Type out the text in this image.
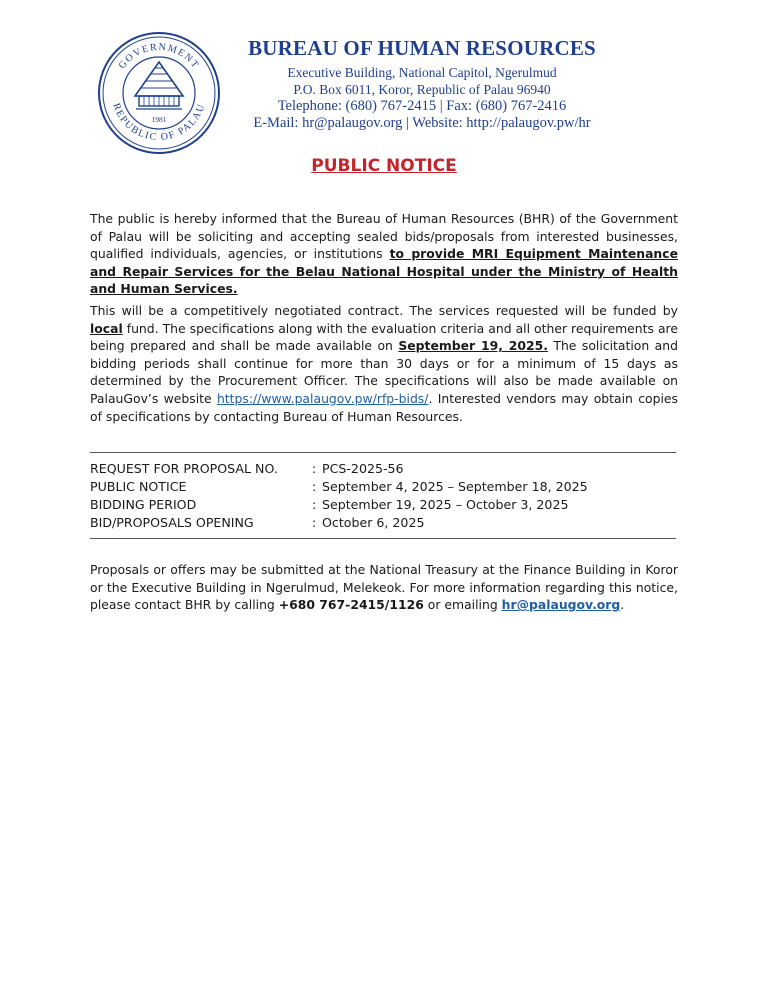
GOVERNMENT
REPUBLIC OF PALAU
1981
BUREAU OF HUMAN RESOURCES
Executive Building, National Capitol, Ngerulmud
P.O. Box 6011, Koror, Republic of Palau 96940
Telephone: (680) 767-2415 | Fax: (680) 767-2416
E-Mail: hr@palaugov.org | Website: http://palaugov.pw/hr
PUBLIC NOTICE
The public is hereby informed that the Bureau of Human Resources (BHR) of the Government of Palau will be soliciting and accepting sealed bids/proposals from interested businesses, qualified individuals, agencies, or institutions to provide MRI Equipment Maintenance and Repair Services for the Belau National Hospital under the Ministry of Health and Human Services.
This will be a competitively negotiated contract. The services requested will be funded by local fund. The specifications along with the evaluation criteria and all other requirements are being prepared and shall be made available on September 19, 2025. The solicitation and bidding periods shall continue for more than 30 days or for a minimum of 15 days as determined by the Procurement Officer. The specifications will also be made available on PalauGov’s website https://www.palaugov.pw/rfp-bids/. Interested vendors may obtain copies of specifications by contacting Bureau of Human Resources.
REQUEST FOR PROPOSAL NO.	: PCS-2025-56
PUBLIC NOTICE	: September 4, 2025 – September 18, 2025
BIDDING PERIOD	: September 19, 2025 – October 3, 2025
BID/PROPOSALS OPENING	: October 6, 2025
Proposals or offers may be submitted at the National Treasury at the Finance Building in Koror or the Executive Building in Ngerulmud, Melekeok. For more information regarding this notice, please contact BHR by calling +680 767-2415/1126 or emailing hr@palaugov.org.
